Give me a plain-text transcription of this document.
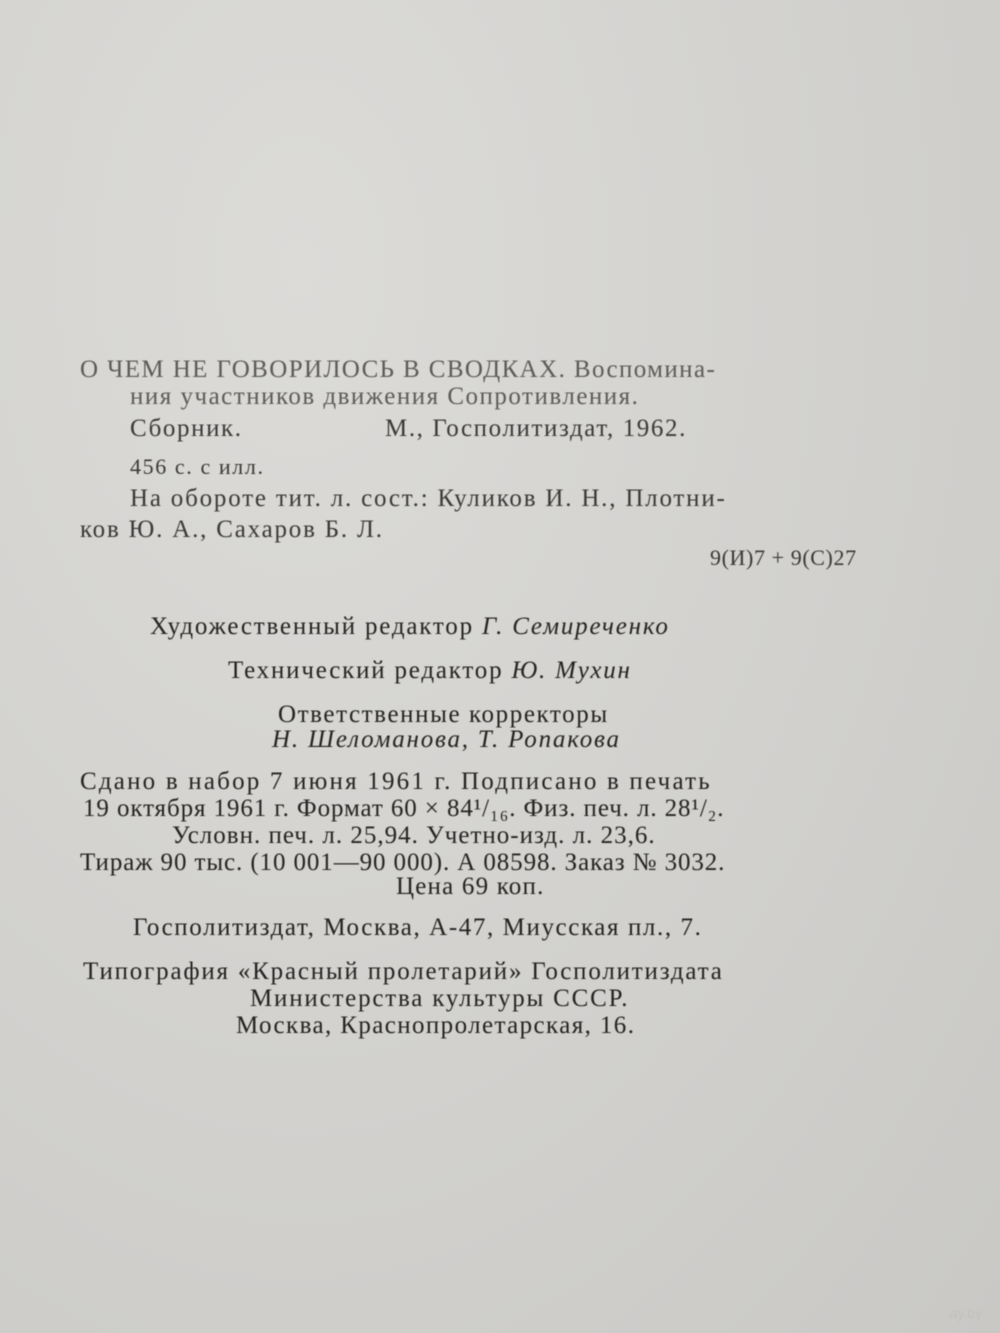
О ЧЕМ НЕ ГОВОРИЛОСЬ В СВОДКАХ. Воспомина-
ния участников движения Сопротивления.
Сборник.	М., Госполитиздат, 1962.
456 с. с илл.
На обороте тит. л. сост.: Куликов И. Н., Плотни-
ков Ю. А., Сахаров Б. Л.
9(И)7 + 9(С)27
Художественный редактор Г. Семиреченко
Технический редактор Ю. Мухин
Ответственные корректоры
Н. Шеломанова, Т. Ропакова
Сдано в набор 7 июня 1961 г. Подписано в печать
19 октября 1961 г. Формат 60 × 84¹/₁₆. Физ. печ. л. 28¹/₂.
Условн. печ. л. 25,94. Учетно-изд. л. 23,6.
Тираж 90 тыс. (10 001—90 000). А 08598. Заказ № 3032.
Цена 69 коп.
Госполитиздат, Москва, А-47, Миусская пл., 7.
Типография «Красный пролетарий» Госполитиздата
Министерства культуры СССР.
Москва, Краснопролетарская, 16.
ay.by
